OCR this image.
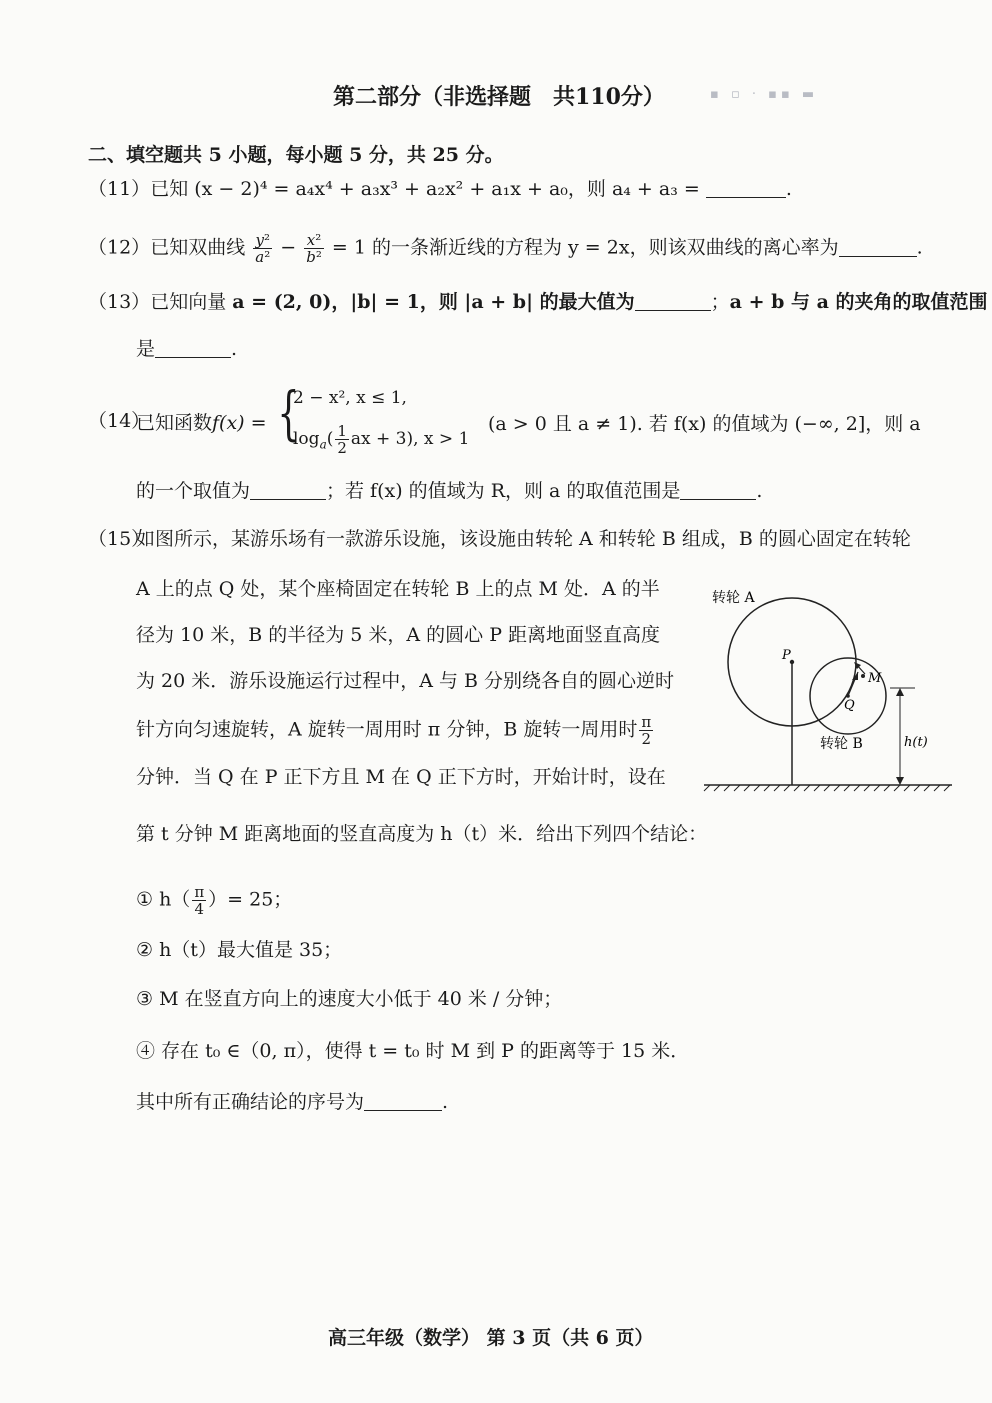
第二部分（非选择题　共110分）	▪ ▫ · ▪▪ ▬
二、填空题共 5 小题，每小题 5 分，共 25 分。
（11）已知 (x − 2)⁴ = a₄x⁴ + a₃x³ + a₂x² + a₁x + a₀，则 a₄ + a₃ =	.
（12）已知双曲线 $\frac{\text{y²}}{\text{a²}} - \frac{\text{x²}}{\text{b²}} = 1$ 的一条渐近线的方程为 y = 2x，则该双曲线的离心率为	.
（13）已知向量 a = (2, 0)，|b| = 1，则 |a + b| 的最大值为	；a + b 与 a 的夹角的取值范围
是	.
（14）
已知函数f(x) = {
2 − x², x ≤ 1,
$\log_a( \frac{1}{2}$ ax + 3), x > 1
(a > 0 且 a ≠ 1). 若 f(x) 的值域为 (−∞, 2]，则 a
的一个取值为	；若 f(x) 的值域为 R，则 a 的取值范围是	.
（15）
如图所示，某游乐场有一款游乐设施，该设施由转轮 A 和转轮 B 组成，B 的圆心固定在转轮
A 上的点 Q 处，某个座椅固定在转轮 B 上的点 M 处．A 的半
径为 10 米，B 的半径为 5 米，A 的圆心 P 距离地面竖直高度
为 20 米．游乐设施运行过程中，A 与 B 分别绕各自的圆心逆时
针方向匀速旋转，A 旋转一周用时 π 分钟，B 旋转一周用时 $\frac{\pi}{2}$
分钟．当 Q 在 P 正下方且 M 在 Q 正下方时，开始计时，设在
第 t 分钟 M 距离地面的竖直高度为 h（t）米．给出下列四个结论：
① $h( \frac{\pi}{4}$ ）= 25；
② h（t）最大值是 35；
③ M 在竖直方向上的速度大小低于 40 米 / 分钟；
④ 存在 t₀ ∈（0, π），使得 t = t₀ 时 M 到 P 的距离等于 15 米．
其中所有正确结论的序号为	.
转轮 A
P
M
Q
转轮 B	h(t)
高三年级（数学） 第 3 页（共 6 页）
